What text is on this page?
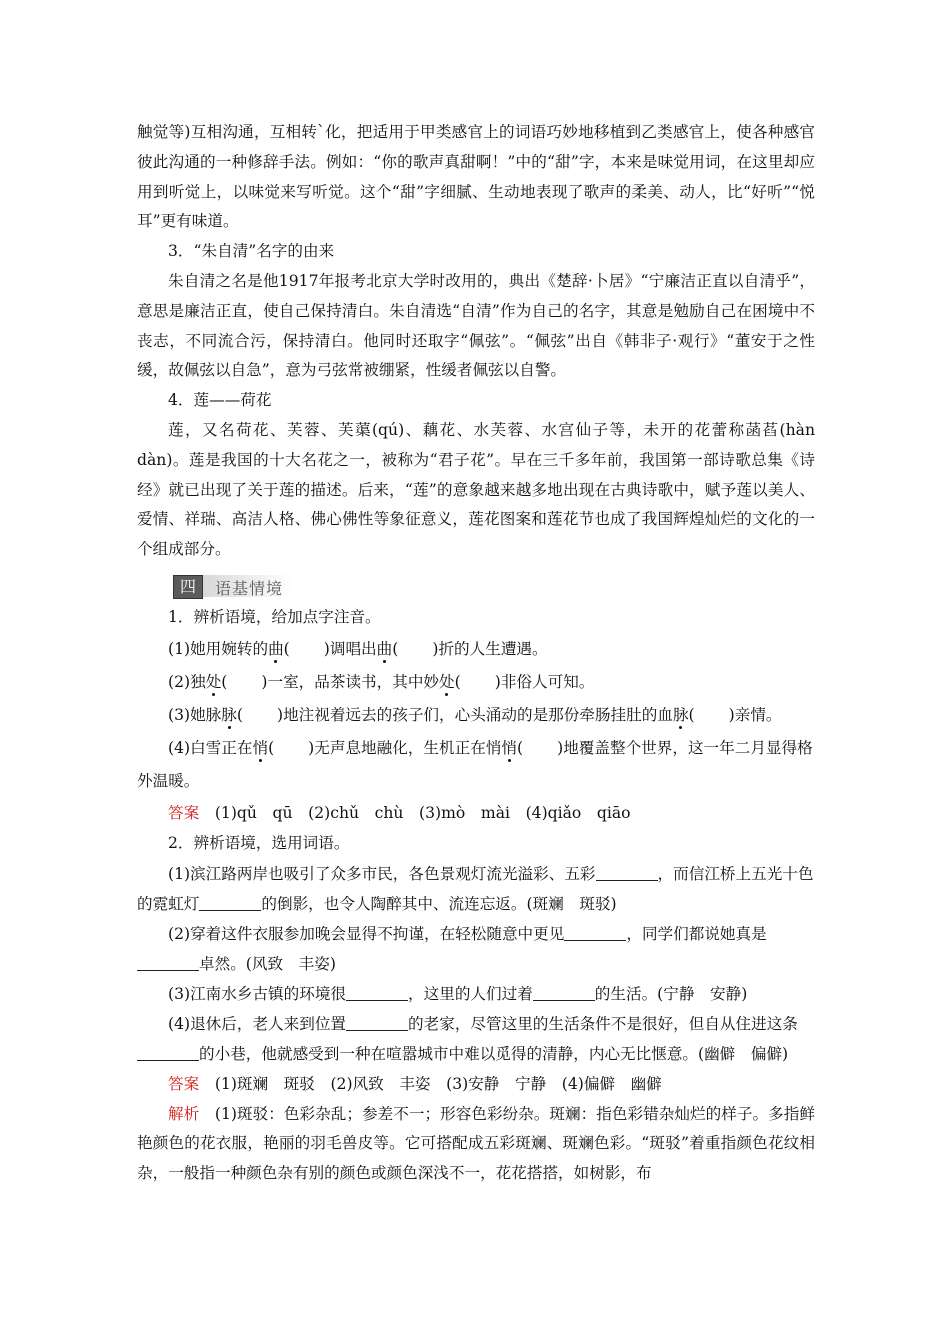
触觉等)互相沟通，互相转`化，把适用于甲类感官上的词语巧妙地移植到乙类感官上，使各种感官彼此沟通的一种修辞手法。例如：“你的歌声真甜啊！”中的“甜”字，本来是味觉用词，在这里却应用到听觉上，以味觉来写听觉。这个“甜”字细腻、生动地表现了歌声的柔美、动人，比“好听”“悦耳”更有味道。

3．“朱自清”名字的由来

朱自清之名是他1917年报考北京大学时改用的，典出《楚辞·卜居》“宁廉洁正直以自清乎”，意思是廉洁正直，使自己保持清白。朱自清选“自清”作为自己的名字，其意是勉励自己在困境中不丧志，不同流合污，保持清白。他同时还取字“佩弦”。“佩弦”出自《韩非子·观行》“董安于之性缓，故佩弦以自急”，意为弓弦常被绷紧，性缓者佩弦以自警。

4．莲——荷花

莲，又名荷花、芙蓉、芙蕖(qú)、藕花、水芙蓉、水宫仙子等，未开的花蕾称菡萏(hàn dàn)。莲是我国的十大名花之一，被称为“君子花”。早在三千多年前，我国第一部诗歌总集《诗经》就已出现了关于莲的描述。后来，“莲”的意象越来越多地出现在古典诗歌中，赋予莲以美人、爱情、祥瑞、高洁人格、佛心佛性等象征意义，莲花图案和莲花节也成了我国辉煌灿烂的文化的一个组成部分。

四	语基情境

1．辨析语境，给加点字注音。

(1)她用婉转的曲( )调唱出曲( )折的人生遭遇。

(2)独处( )一室，品茶读书，其中妙处( )非俗人可知。

(3)她脉脉( )地注视着远去的孩子们，心头涌动的是那份牵肠挂肚的血脉( )亲情。

(4)白雪正在悄( )无声息地融化，生机正在悄悄( )地覆盖整个世界，这一年二月显得格外温暖。

答案　 (1)qǔ　qū　(2)chǔ　chù　(3)mò　mài　(4)qiǎo　qiāo

2．辨析语境，选用词语。

(1)滨江路两岸也吸引了众多市民，各色景观灯流光溢彩、五彩	，而信江桥上五光十色的霓虹灯	的倒影，也令人陶醉其中、流连忘返。(斑斓　斑驳)

(2)穿着这件衣服参加晚会显得不拘谨，在轻松随意中更见	，同学们都说她真是卓然。(风致　丰姿)

(3)江南水乡古镇的环境很	，这里的人们过着	的生活。(宁静　安静)

(4)退休后，老人来到位置	的老家，尽管这里的生活条件不是很好，但自从住进这条的小巷，他就感受到一种在喧嚣城市中难以觅得的清静，内心无比惬意。(幽僻　偏僻)

答案　 (1)斑斓　斑驳　(2)风致　丰姿　(3)安静　宁静　(4)偏僻　幽僻

解析　 (1)斑驳：色彩杂乱；参差不一；形容色彩纷杂。斑斓：指色彩错杂灿烂的样子。多指鲜艳颜色的花衣服，艳丽的羽毛兽皮等。它可搭配成五彩斑斓、斑斓色彩。“斑驳”着重指颜色花纹相杂，一般指一种颜色杂有别的颜色或颜色深浅不一，花花搭搭，如树影，布
